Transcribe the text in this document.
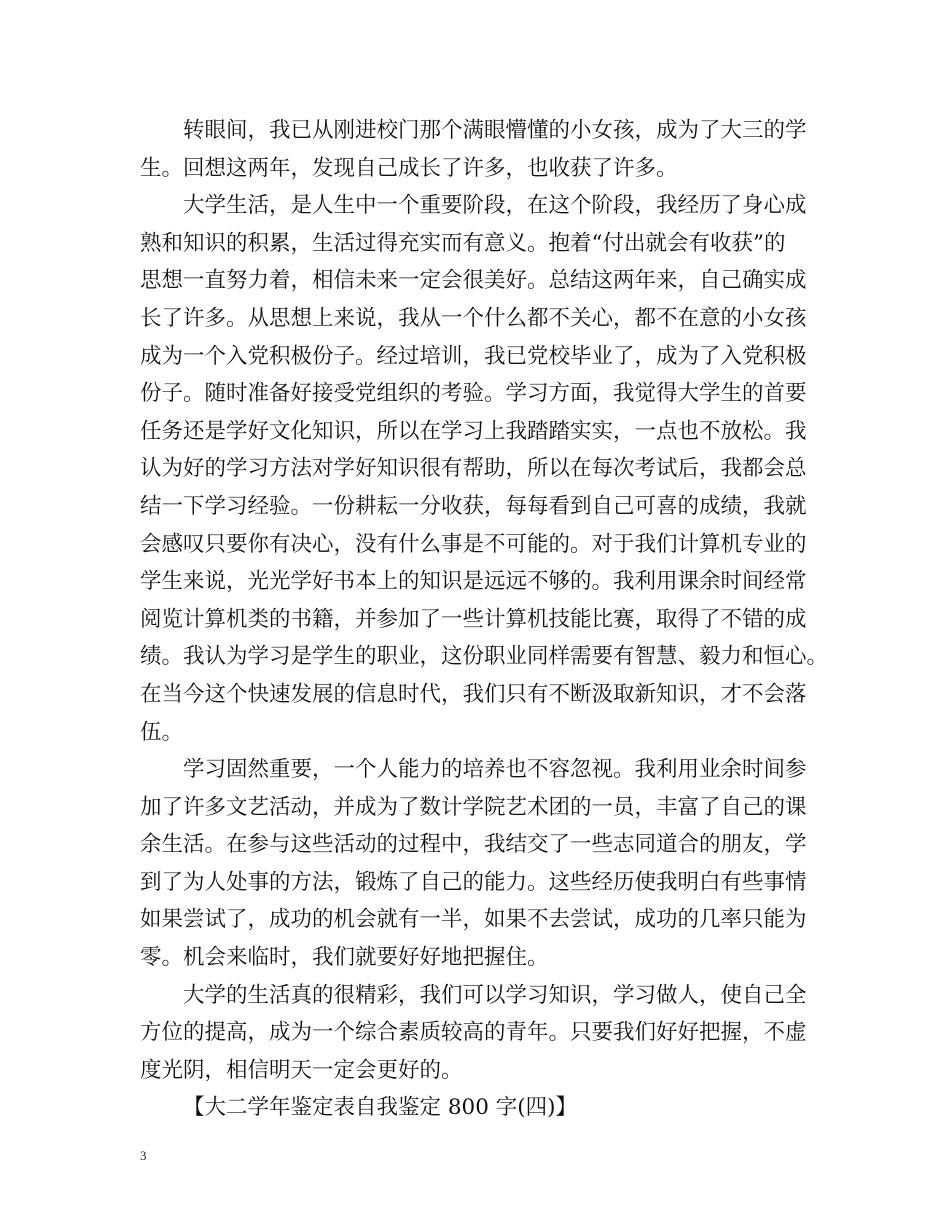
转眼间，我已从刚进校门那个满眼懵懂的小女孩，成为了大三的学
生。回想这两年，发现自己成长了许多，也收获了许多。

大学生活，是人生中一个重要阶段，在这个阶段，我经历了身心成
熟和知识的积累，生活过得充实而有意义。抱着“付出就会有收获”的
思想一直努力着，相信未来一定会很美好。总结这两年来，自己确实成
长了许多。从思想上来说，我从一个什么都不关心，都不在意的小女孩
成为一个入党积极份子。经过培训，我已党校毕业了，成为了入党积极
份子。随时准备好接受党组织的考验。学习方面，我觉得大学生的首要
任务还是学好文化知识，所以在学习上我踏踏实实，一点也不放松。我
认为好的学习方法对学好知识很有帮助，所以在每次考试后，我都会总
结一下学习经验。一份耕耘一分收获，每每看到自己可喜的成绩，我就
会感叹只要你有决心，没有什么事是不可能的。对于我们计算机专业的
学生来说，光光学好书本上的知识是远远不够的。我利用课余时间经常
阅览计算机类的书籍，并参加了一些计算机技能比赛，取得了不错的成
绩。我认为学习是学生的职业，这份职业同样需要有智慧、毅力和恒心。
在当今这个快速发展的信息时代，我们只有不断汲取新知识，才不会落
伍。

学习固然重要，一个人能力的培养也不容忽视。我利用业余时间参
加了许多文艺活动，并成为了数计学院艺术团的一员，丰富了自己的课
余生活。在参与这些活动的过程中，我结交了一些志同道合的朋友，学
到了为人处事的方法，锻炼了自己的能力。这些经历使我明白有些事情
如果尝试了，成功的机会就有一半，如果不去尝试，成功的几率只能为
零。机会来临时，我们就要好好地把握住。

大学的生活真的很精彩，我们可以学习知识，学习做人，使自己全
方位的提高，成为一个综合素质较高的青年。只要我们好好把握，不虚
度光阴，相信明天一定会更好的。

【大二学年鉴定表自我鉴定 800 字(四)】

3
